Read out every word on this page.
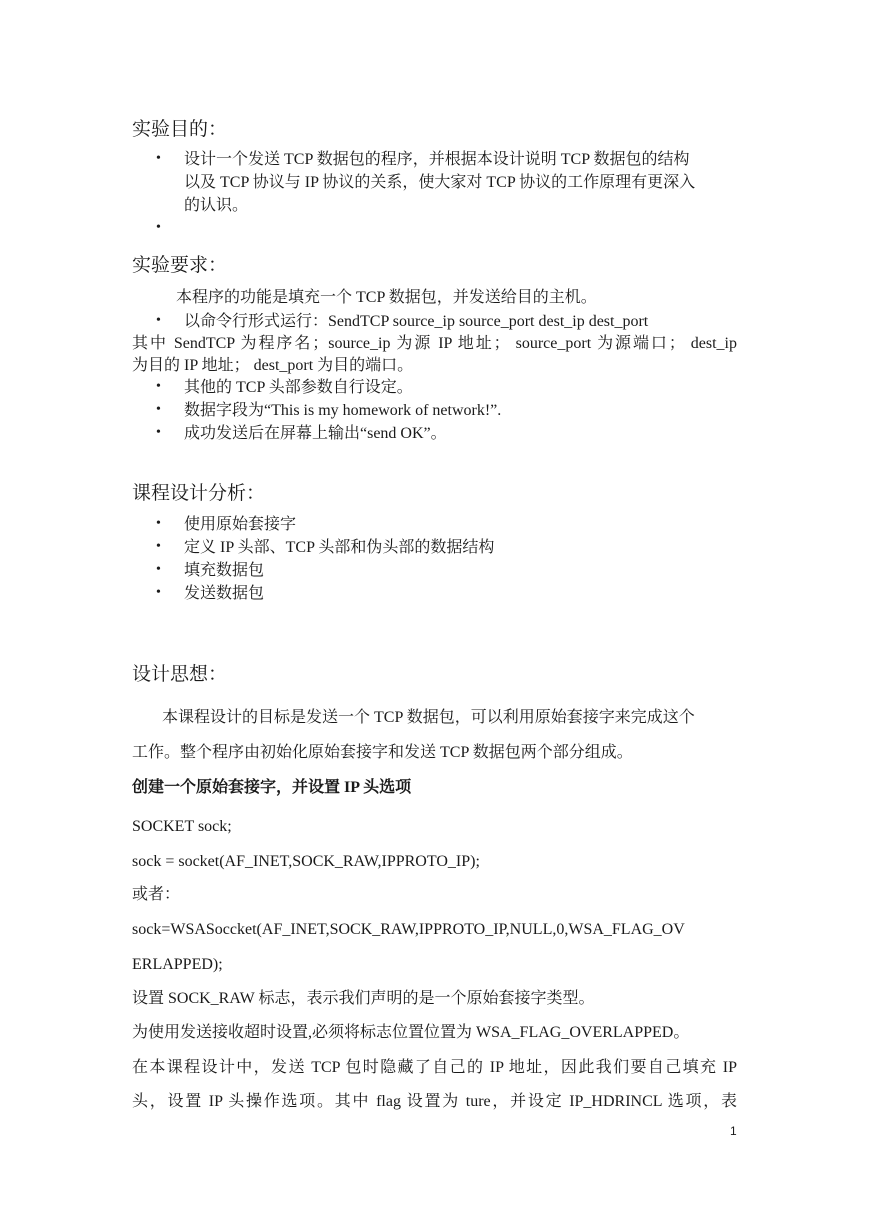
实验目的：
• 设计一个发送 TCP 数据包的程序，并根据本设计说明 TCP 数据包的结构
以及 TCP 协议与 IP 协议的关系，使大家对 TCP 协议的工作原理有更深入
的认识。
•
实验要求：
本程序的功能是填充一个 TCP 数据包，并发送给目的主机。
• 以命令行形式运行：SendTCP source_ip source_port dest_ip dest_port
其中 SendTCP 为程序名；source_ip 为源 IP 地址； source_port 为源端口； dest_ip
为目的 IP 地址； dest_port 为目的端口。
• 其他的 TCP 头部参数自行设定。
• 数据字段为“This is my homework of network!”.
• 成功发送后在屏幕上输出“send OK”。
课程设计分析：
• 使用原始套接字
• 定义 IP 头部、TCP 头部和伪头部的数据结构
• 填充数据包
• 发送数据包
设计思想：
本课程设计的目标是发送一个 TCP 数据包，可以利用原始套接字来完成这个
工作。整个程序由初始化原始套接字和发送 TCP 数据包两个部分组成。
创建一个原始套接字，并设置 IP 头选项
SOCKET sock;
sock = socket(AF_INET,SOCK_RAW,IPPROTO_IP);
或者：
sock=WSASoccket(AF_INET,SOCK_RAW,IPPROTO_IP,NULL,0,WSA_FLAG_OV
ERLAPPED);
设置 SOCK_RAW 标志，表示我们声明的是一个原始套接字类型。
为使用发送接收超时设置,必须将标志位置位置为 WSA_FLAG_OVERLAPPED。
在本课程设计中，发送 TCP 包时隐藏了自己的 IP 地址，因此我们要自己填充 IP
头，设置 IP 头操作选项。其中 flag 设置为 ture，并设定 IP_HDRINCL 选项，表
1
